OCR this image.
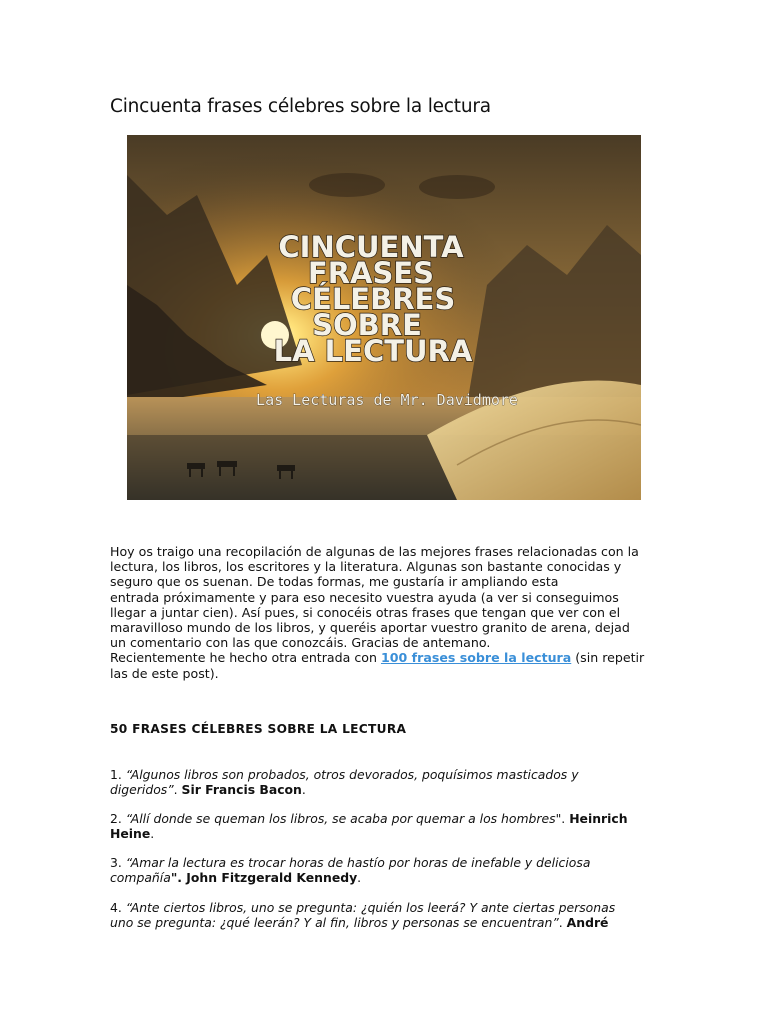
Cincuenta frases célebres sobre la lectura
CINCUENTA
FRASES
CÉLEBRES
SOBRE
LA LECTURA
Las Lecturas de Mr. Davidmore
Hoy os traigo una recopilación de algunas de las mejores frases relacionadas con la
lectura, los libros, los escritores y la literatura. Algunas son bastante conocidas y
seguro que os suenan. De todas formas, me gustaría ir ampliando esta
entrada próximamente y para eso necesito vuestra ayuda (a ver si conseguimos
llegar a juntar cien). Así pues, si conocéis otras frases que tengan que ver con el
maravilloso mundo de los libros, y queréis aportar vuestro granito de arena, dejad
un comentario con las que conozcáis. Gracias de antemano.
Recientemente he hecho otra entrada con 100 frases sobre la lectura (sin repetir
las de este post).
50 FRASES CÉLEBRES SOBRE LA LECTURA
1. “Algunos libros son probados, otros devorados, poquísimos masticados y
digeridos”. Sir Francis Bacon.
2. “Allí donde se queman los libros, se acaba por quemar a los hombres". Heinrich
Heine.
3. “Amar la lectura es trocar horas de hastío por horas de inefable y deliciosa
compañía". John Fitzgerald Kennedy.
4. “Ante ciertos libros, uno se pregunta: ¿quién los leerá? Y ante ciertas personas
uno se pregunta: ¿qué leerán? Y al fin, libros y personas se encuentran”. André
